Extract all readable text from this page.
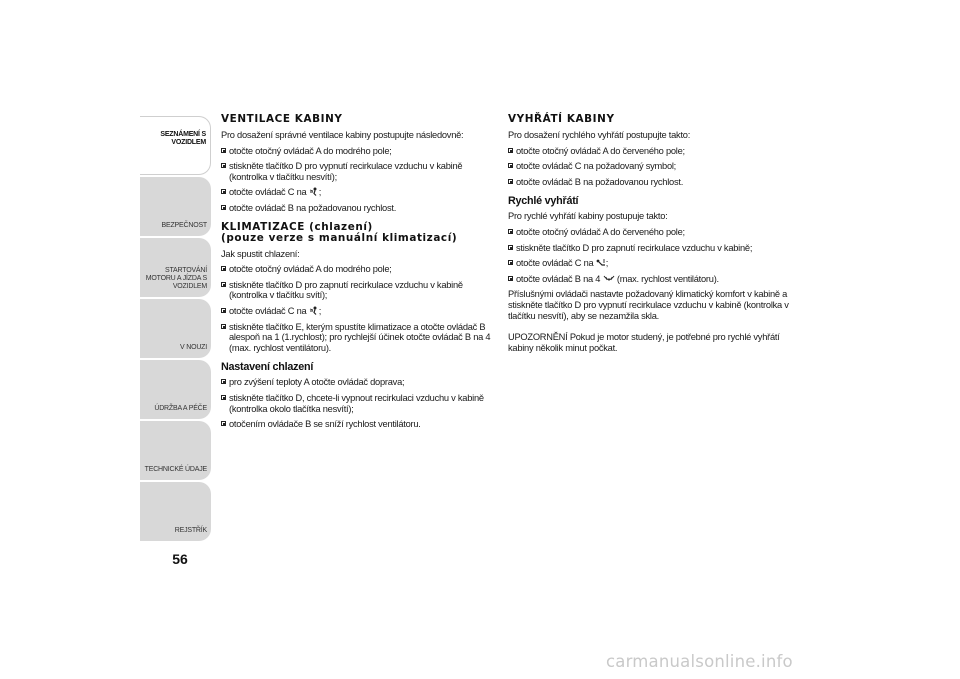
SEZNÁMENÍ S VOZIDLEM
BEZPEČNOST
STARTOVÁNÍ MOTORU A JÍZDA S VOZIDLEM
V NOUZI
ÚDRŽBA A PÉČE
TECHNICKÉ ÚDAJE
REJSTŘÍK
56
VENTILACE KABINY
Pro dosažení správné ventilace kabiny postupujte následovně:
otočte otočný ovládač A do modrého pole;
stiskněte tlačítko D pro vypnutí recirkulace vzduchu v kabině (kontrolka v tlačítku nesvítí);
otočte ovládač C na ;
otočte ovládač B na požadovanou rychlost.
KLIMATIZACE (chlazení)
(pouze verze s manuální klimatizací)
Jak spustit chlazení:
otočte otočný ovládač A do modrého pole;
stiskněte tlačítko D pro zapnutí recirkulace vzduchu v kabině (kontrolka v tlačítku svítí);
otočte ovládač C na ;
stiskněte tlačítko E, kterým spustíte klimatizace a otočte ovládač B alespoň na 1 (1.rychlost); pro rychlejší účinek otočte ovládač B na 4 (max. rychlost ventilátoru).
Nastavení chlazení
pro zvýšení teploty A otočte ovládač doprava;
stiskněte tlačítko D, chcete-li vypnout recirkulaci vzduchu v kabině (kontrolka okolo tlačítka nesvítí);
otočením ovládače B se sníží rychlost ventilátoru.
VYHŘÁTÍ KABINY
Pro dosažení rychlého vyhřátí postupujte takto:
otočte otočný ovládač A do červeného pole;
otočte ovládač C na požadovaný symbol;
otočte ovládač B na požadovanou rychlost.
Rychlé vyhřátí
Pro rychlé vyhřátí kabiny postupuje takto:
otočte otočný ovládač A do červeného pole;
stiskněte tlačítko D pro zapnutí recirkulace vzduchu v kabině;
otočte ovládač C na ;
otočte ovládač B na 4 (max. rychlost ventilátoru).
Příslušnými ovládači nastavte požadovaný klimatický komfort v kabině a stiskněte tlačítko D pro vypnutí recirkulace vzduchu v kabině (kontrolka v tlačítku nesvítí), aby se nezamžila skla.
UPOZORNĚNÍ Pokud je motor studený, je potřebné pro rychlé vyhřátí kabiny několik minut počkat.
carmanualsonline.info
